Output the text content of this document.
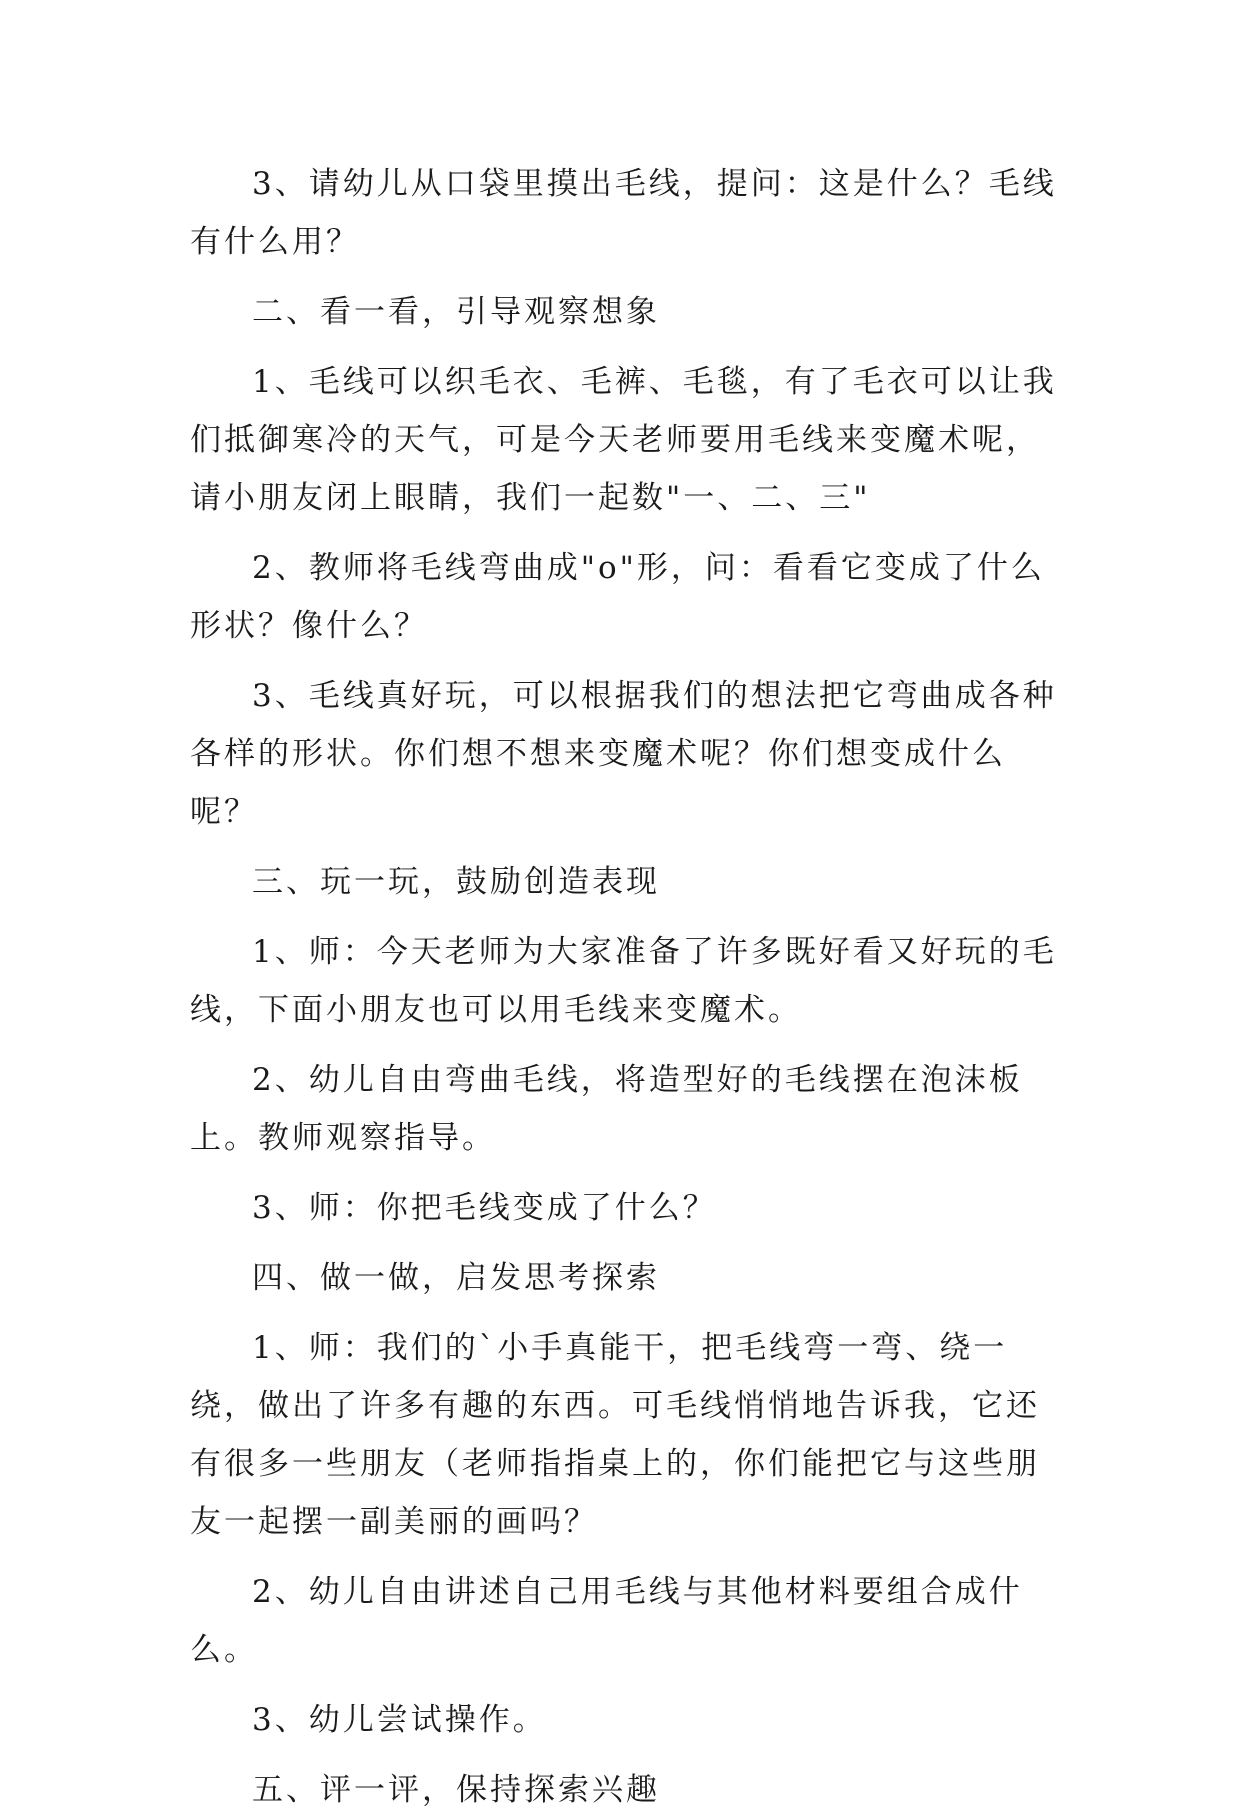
3、请幼儿从口袋里摸出毛线，提问：这是什么？毛线有什么用？

二、看一看，引导观察想象

1、毛线可以织毛衣、毛裤、毛毯，有了毛衣可以让我们抵御寒冷的天气，可是今天老师要用毛线来变魔术呢，请小朋友闭上眼睛，我们一起数"一、二、三"

2、教师将毛线弯曲成"o"形，问：看看它变成了什么形状？像什么？

3、毛线真好玩，可以根据我们的想法把它弯曲成各种各样的形状。你们想不想来变魔术呢？你们想变成什么呢？

三、玩一玩，鼓励创造表现

1、师：今天老师为大家准备了许多既好看又好玩的毛线，下面小朋友也可以用毛线来变魔术。

2、幼儿自由弯曲毛线，将造型好的毛线摆在泡沫板上。教师观察指导。

3、师：你把毛线变成了什么？

四、做一做，启发思考探索

1、师：我们的`小手真能干，把毛线弯一弯、绕一绕，做出了许多有趣的东西。可毛线悄悄地告诉我，它还有很多一些朋友（老师指指桌上的，你们能把它与这些朋友一起摆一副美丽的画吗？

2、幼儿自由讲述自己用毛线与其他材料要组合成什么。

3、幼儿尝试操作。

五、评一评，保持探索兴趣
